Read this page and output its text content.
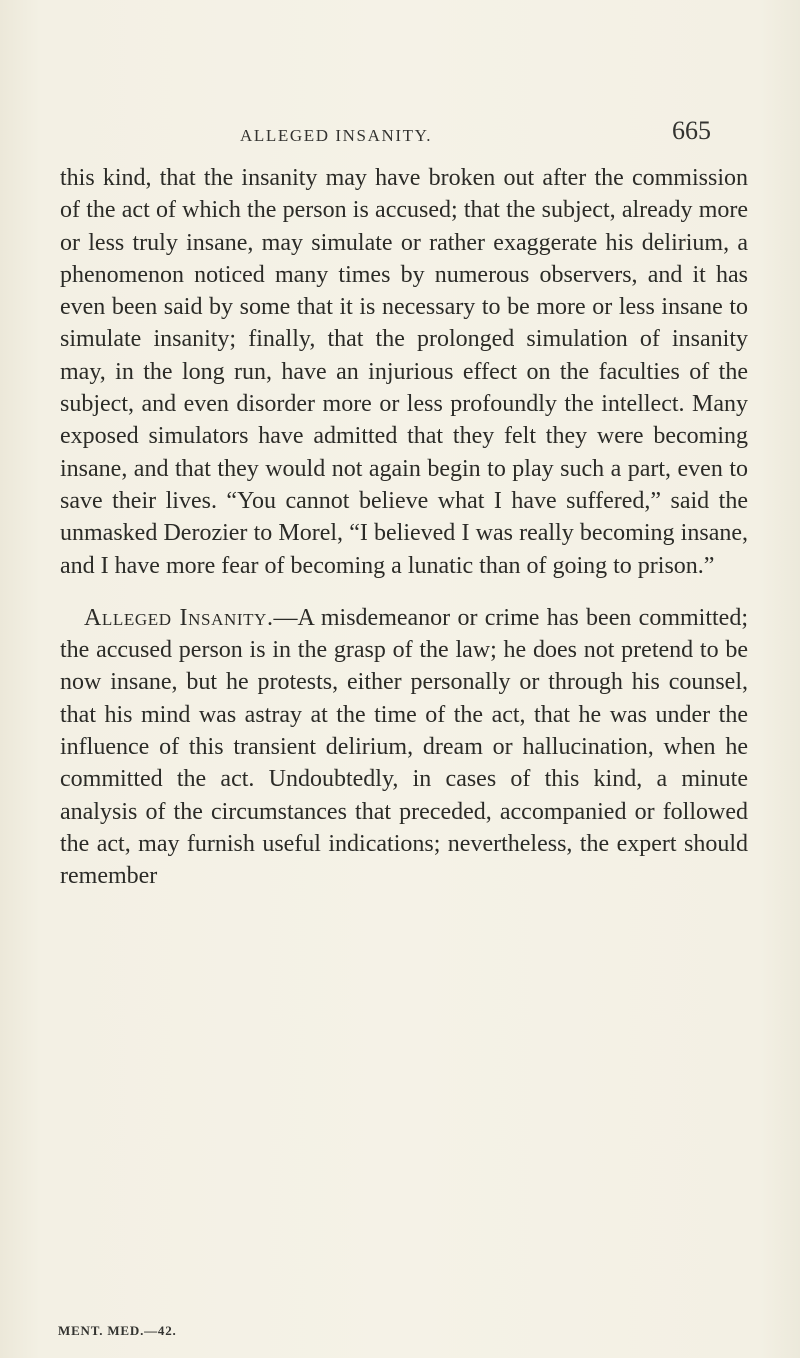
ALLEGED INSANITY.	665

this kind, that the insanity may have broken out after the commission of the act of which the person is accused; that the subject, already more or less truly insane, may simulate or rather exaggerate his delirium, a phenomenon noticed many times by numerous observers, and it has even been said by some that it is necessary to be more or less insane to simulate insanity; finally, that the prolonged simulation of insanity may, in the long run, have an injurious effect on the faculties of the subject, and even disorder more or less profoundly the intellect. Many exposed simulators have admitted that they felt they were becoming insane, and that they would not again begin to play such a part, even to save their lives. “You cannot believe what I have suffered,” said the unmasked Derozier to Morel, “I believed I was really becoming insane, and I have more fear of becoming a lunatic than of going to prison.”

Alleged Insanity.—A misdemeanor or crime has been committed; the accused person is in the grasp of the law; he does not pretend to be now insane, but he protests, either personally or through his counsel, that his mind was astray at the time of the act, that he was under the influence of this transient delirium, dream or hallucination, when he committed the act. Undoubtedly, in cases of this kind, a minute analysis of the circumstances that preceded, accompanied or followed the act, may furnish useful indications; nevertheless, the expert should remember

MENT. MED.—42.
